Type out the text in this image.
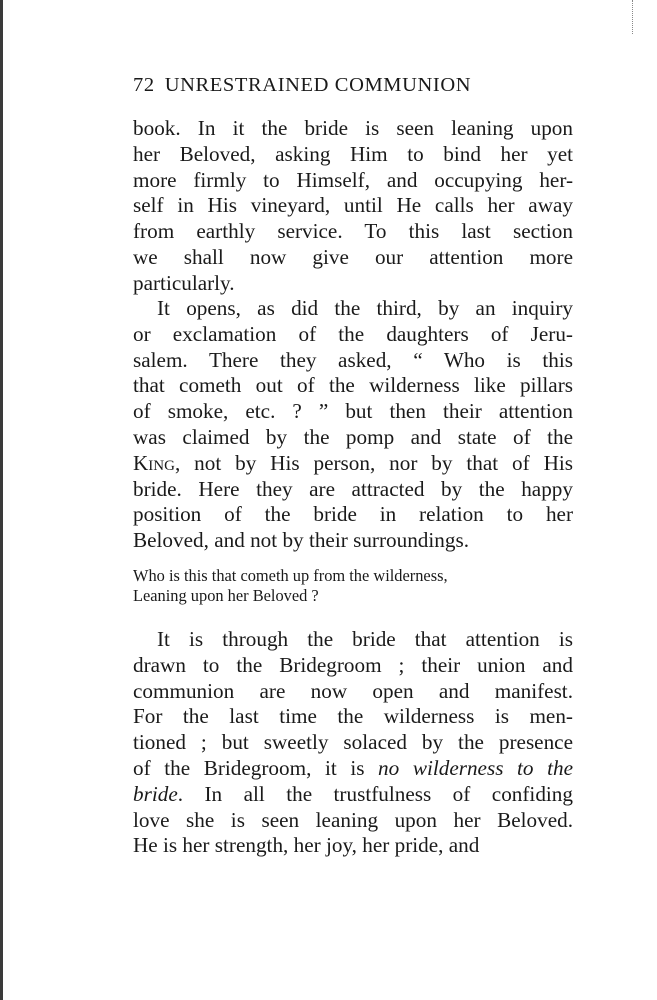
72 UNRESTRAINED COMMUNION
book. In it the bride is seen leaning upon
her Beloved, asking Him to bind her yet
more firmly to Himself, and occupying her-
self in His vineyard, until He calls her away
from earthly service. To this last section
we shall now give our attention more
particularly.
It opens, as did the third, by an inquiry
or exclamation of the daughters of Jeru-
salem. There they asked, “ Who is this
that cometh out of the wilderness like pillars
of smoke, etc. ? ” but then their attention
was claimed by the pomp and state of the
King, not by His person, nor by that of His
bride. Here they are attracted by the happy
position of the bride in relation to her
Beloved, and not by their surroundings.
Who is this that cometh up from the wilderness,
Leaning upon her Beloved ?
It is through the bride that attention is
drawn to the Bridegroom ; their union and
communion are now open and manifest.
For the last time the wilderness is men-
tioned ; but sweetly solaced by the presence
of the Bridegroom, it is no wilderness to the
bride. In all the trustfulness of confiding
love she is seen leaning upon her Beloved.
He is her strength, her joy, her pride, and
